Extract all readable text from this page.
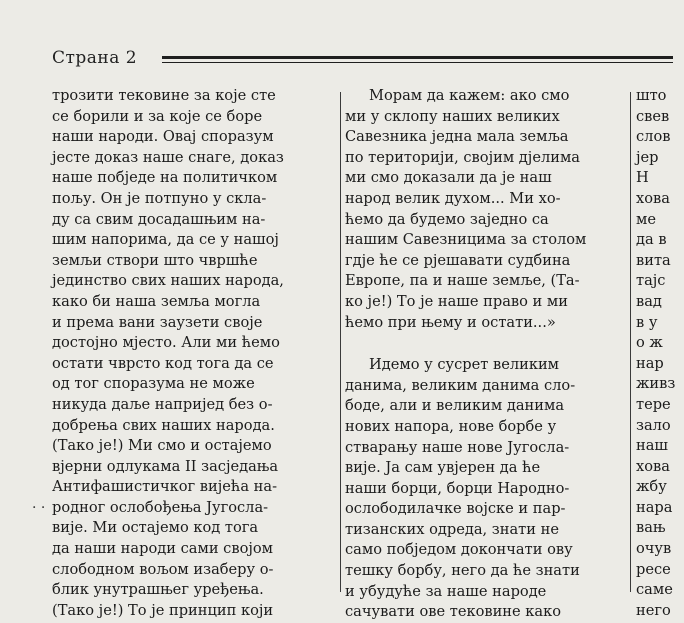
Страна 2
трозити тековине за које сте
се борили и за које се боре
наши народи. Овај споразум
јесте доказ наше снаге, доказ
наше побједе на политичком
пољу. Он је потпуно у скла-
ду са свим досадашњим на-
шим напорима, да се у нашој
земљи створи што чвршће
јединство свих наших народа,
како би наша земља могла
и према вани заузети своје
достојно мјесто. Али ми ћемо
остати чврсто код тога да се
од тог споразума не може
никуда даље напријед без о-
добрења свих наших народа.
(Тако је!) Ми смо и остајемо
вјерни одлукама II засједања
Антифашистичког вијећа на-
родног ослобођења Југосла-
вије. Ми остајемо код тога
да наши народи сами својом
слободном вољом изаберу о-
блик унутрашњег уређења.
(Тако је!) То је принцип који
Морам да кажем: ако смо
ми у склопу наших великих
Савезника једна мала земља
по територији, својим дјелима
ми смо доказали да је наш
народ велик духом... Ми хо-
ћемо да будемо заједно са
нашим Савезницима за столом
гдје ће се рјешавати судбина
Европе, па и наше земље, (Та-
ко је!) То је наше право и ми
ћемо при њему и остати...»
Идемо у сусрет великим
данима, великим данима сло-
боде, али и великим данима
нових напора, нове борбе у
стварању наше нове Југосла-
вије. Ја сам увјерен да ће
наши борци, борци Народно-
ослободилачке војске и пар-
тизанских одреда, знати не
само побједом докончати ову
тешку борбу, него да ће знати
и убудуће за наше народе
сачувати ове тековине како
што
свев
слов
јер
Н
хова
ме
да в
вита
тајс
вад
в у
о ж
нар
живз
тере
зало
наш
хова
жбу
нара
вањ
очув
ресе
саме
него
· ·
